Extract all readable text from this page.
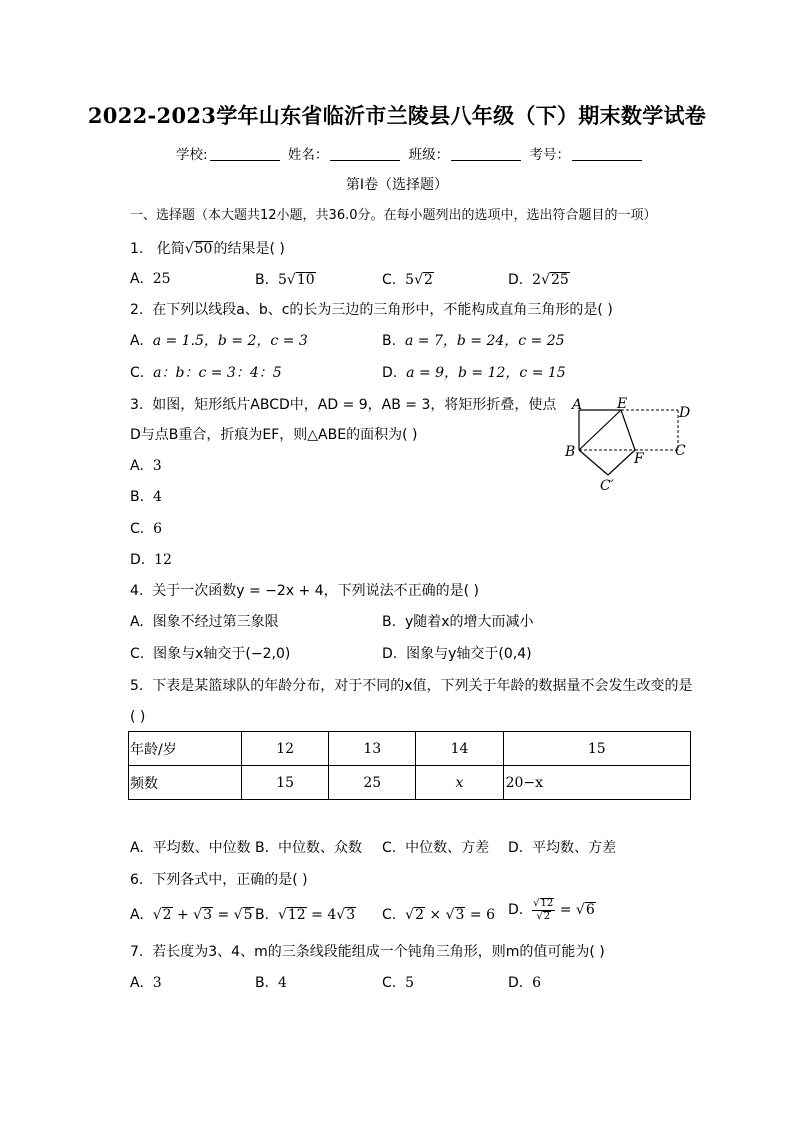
2022-2023学年山东省临沂市兰陵县八年级（下）期末数学试卷
学校:	姓名：	班级：	考号：
第I卷（选择题）
一、选择题（本大题共12小题，共36.0分。在每小题列出的选项中，选出符合题目的一项）
1. 化简√50的结果是( )
A. 25	B. 5√10	C. 5√2	D. 2√25
2. 在下列以线段a、b、c的长为三边的三角形中，不能构成直角三角形的是( )
A. a = 1.5，b = 2，c = 3	B. a = 7，b = 24，c = 25
C. a：b：c = 3：4：5	D. a = 9，b = 12，c = 15
3. 如图，矩形纸片ABCD中，AD = 9，AB = 3，将矩形折叠，使点
D与点B重合，折痕为EF，则△ABE的面积为( )
A. 3
B. 4
C. 6
D. 12
A E
D
B	F C
C′
4. 关于一次函数y = −2x + 4，下列说法不正确的是( )
A. 图象不经过第三象限	B. y随着x的增大而减小
C. 图象与x轴交于(−2,0)	D. 图象与y轴交于(0,4)
5. 下表是某篮球队的年龄分布，对于不同的x值，下列关于年龄的数据量不会发生改变的是
( )
年龄/岁	12	13	14	15
频数	15	25	x	20−x
A. 平均数、中位数 B. 中位数、众数 C. 中位数、方差 D. 平均数、方差
6. 下列各式中，正确的是( )
A. √2 + √3 = √5 B. √12 = 4√3 C. √2 × √3 = 6 D. $\frac{√12}{√2} = √6$
7. 若长度为3、4、m的三条线段能组成一个钝角三角形，则m的值可能为( )
A. 3	B. 4	C. 5	D. 6
